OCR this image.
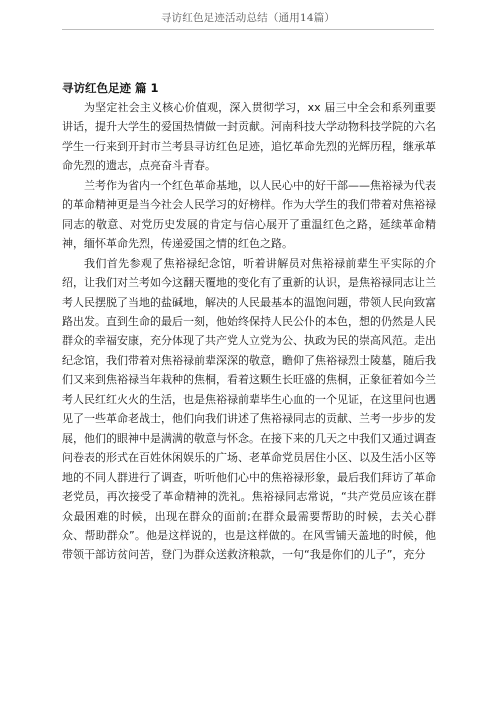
寻访红色足迹活动总结（通用14篇）

寻访红色足迹 篇 1

为坚定社会主义核心价值观，深入贯彻学习，xx 届三中全会和系列重要讲话，提升大学生的爱国热情做一封贡献。河南科技大学动物科技学院的六名学生一行来到开封市兰考县寻访红色足迹，追忆革命先烈的光辉历程，继承革命先烈的遗志，点亮奋斗青春。

兰考作为省内一个红色革命基地，以人民心中的好干部——焦裕禄为代表的革命精神更是当今社会人民学习的好榜样。作为大学生的我们带着对焦裕禄同志的敬意、对党历史发展的肯定与信心展开了重温红色之路，延续革命精神，缅怀革命先烈，传递爱国之情的红色之路。

我们首先参观了焦裕禄纪念馆，听着讲解员对焦裕禄前辈生平实际的介绍，让我们对兰考如今这翻天覆地的变化有了重新的认识，是焦裕禄同志让兰考人民摆脱了当地的盐碱地，解决的人民最基本的温饱问题，带领人民向致富路出发。直到生命的最后一刻，他始终保持人民公仆的本色，想的仍然是人民群众的幸福安康，充分体现了共产党人立党为公、执政为民的崇高风范。走出纪念馆，我们带着对焦裕禄前辈深深的敬意，瞻仰了焦裕禄烈士陵墓，随后我们又来到焦裕禄当年栽种的焦桐，看着这颗生长旺盛的焦桐，正象征着如今兰考人民红红火火的生活，也是焦裕禄前辈毕生心血的一个见证，在这里问也遇见了一些革命老战士，他们向我们讲述了焦裕禄同志的贡献、兰考一步步的发展，他们的眼神中是满满的敬意与怀念。在接下来的几天之中我们又通过调查问卷表的形式在百姓休闲娱乐的广场、老革命党员居住小区、以及生活小区等地的不同人群进行了调查，听听他们心中的焦裕禄形象，最后我们拜访了革命老党员，再次接受了革命精神的洗礼。焦裕禄同志常说，“共产党员应该在群众最困难的时候，出现在群众的面前;在群众最需要帮助的时候，去关心群众、帮助群众”。他是这样说的，也是这样做的。在风雪铺天盖地的时候，他带领干部访贫问苦，登门为群众送救济粮款，一句“我是你们的儿子”，充分
